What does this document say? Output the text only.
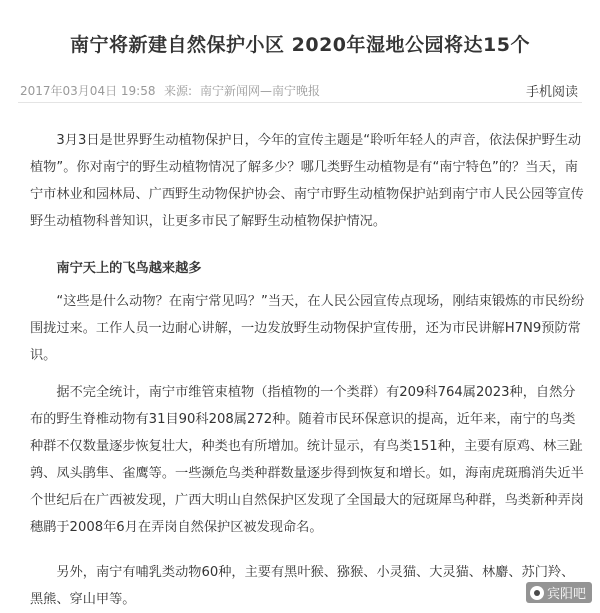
南宁将新建自然保护小区 2020年湿地公园将达15个
2017年03月04日 19:58 来源: 南宁新闻网—南宁晚报	手机阅读

3月3日是世界野生动植物保护日，今年的宣传主题是“聆听年轻人的声音，依法保护野生动植物”。你对南宁的野生动植物情况了解多少？哪几类野生动植物是有“南宁特色”的？当天，南宁市林业和园林局、广西野生动物保护协会、南宁市野生动植物保护站到南宁市人民公园等宣传野生动植物科普知识，让更多市民了解野生动植物保护情况。

南宁天上的飞鸟越来越多

“这些是什么动物？在南宁常见吗？”当天，在人民公园宣传点现场，刚结束锻炼的市民纷纷围拢过来。工作人员一边耐心讲解，一边发放野生动物保护宣传册，还为市民讲解H7N9预防常识。

据不完全统计，南宁市维管束植物（指植物的一个类群）有209科764属2023种，自然分布的野生脊椎动物有31目90科208属272种。随着市民环保意识的提高，近年来，南宁的鸟类种群不仅数量逐步恢复壮大，种类也有所增加。统计显示，有鸟类151种，主要有原鸡、林三趾鹑、凤头鹃隼、雀鹰等。一些濒危鸟类种群数量逐步得到恢复和增长。如，海南虎斑鳽消失近半个世纪后在广西被发现，广西大明山自然保护区发现了全国最大的冠斑犀鸟种群，鸟类新种弄岗穗鹛于2008年6月在弄岗自然保护区被发现命名。

另外，南宁有哺乳类动物60种，主要有黑叶猴、猕猴、小灵猫、大灵猫、林麝、苏门羚、黑熊、穿山甲等。	宾阳吧
